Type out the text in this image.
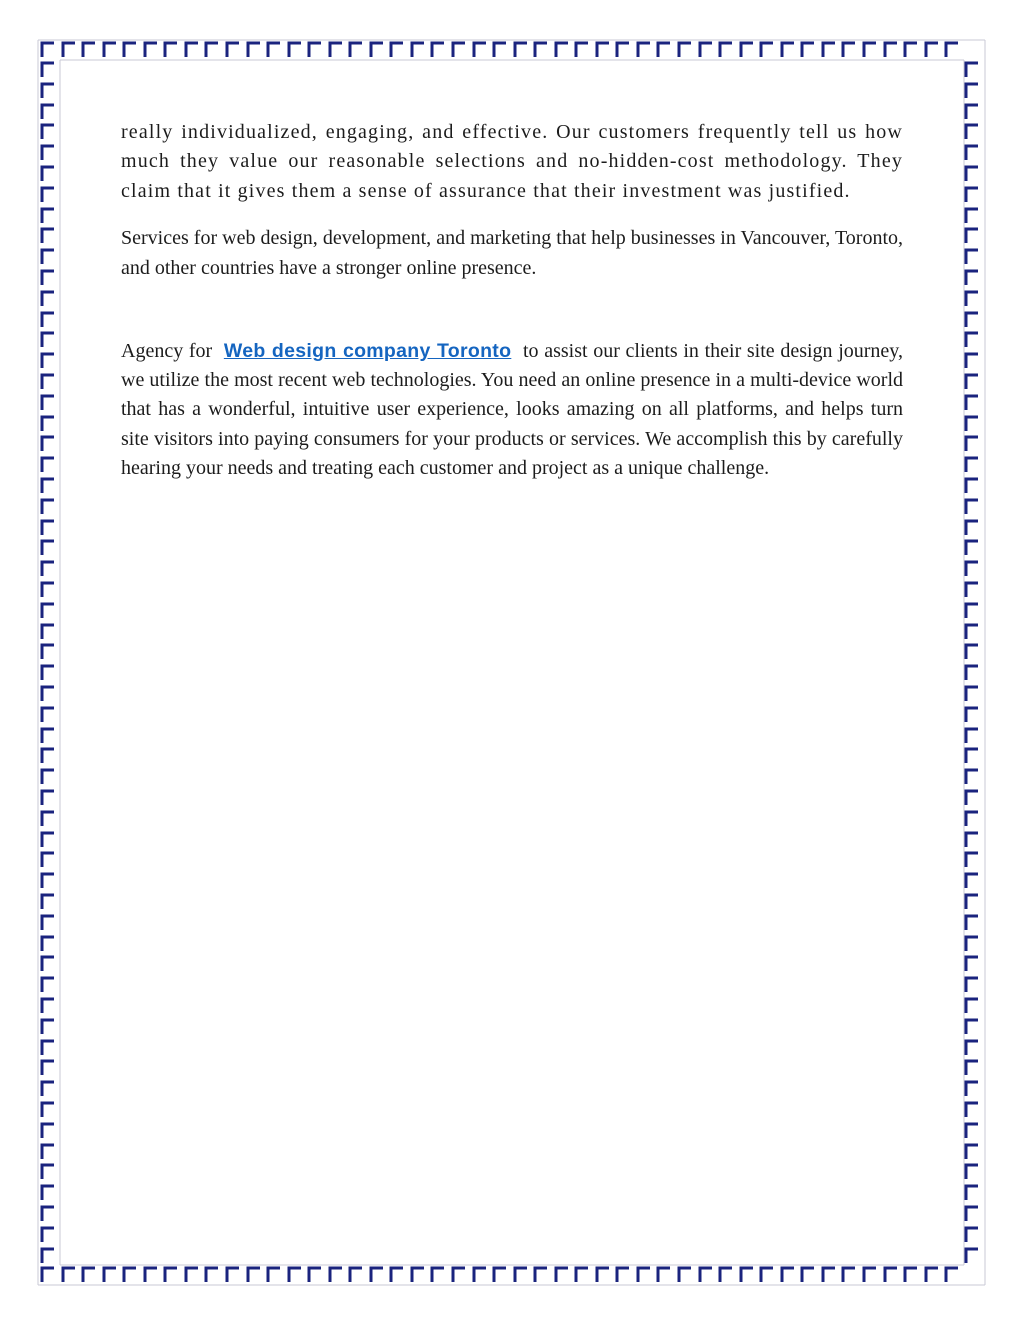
really individualized, engaging, and effective. Our customers frequently tell us how much they value our reasonable selections and no-hidden-cost methodology. They claim that it gives them a sense of assurance that their investment was justified.

Services for web design, development, and marketing that help businesses in Vancouver, Toronto, and other countries have a stronger online presence.

Agency for Web design company Toronto to assist our clients in their site design journey, we utilize the most recent web technologies. You need an online presence in a multi-device world that has a wonderful, intuitive user experience, looks amazing on all platforms, and helps turn site visitors into paying consumers for your products or services. We accomplish this by carefully hearing your needs and treating each customer and project as a unique challenge.
